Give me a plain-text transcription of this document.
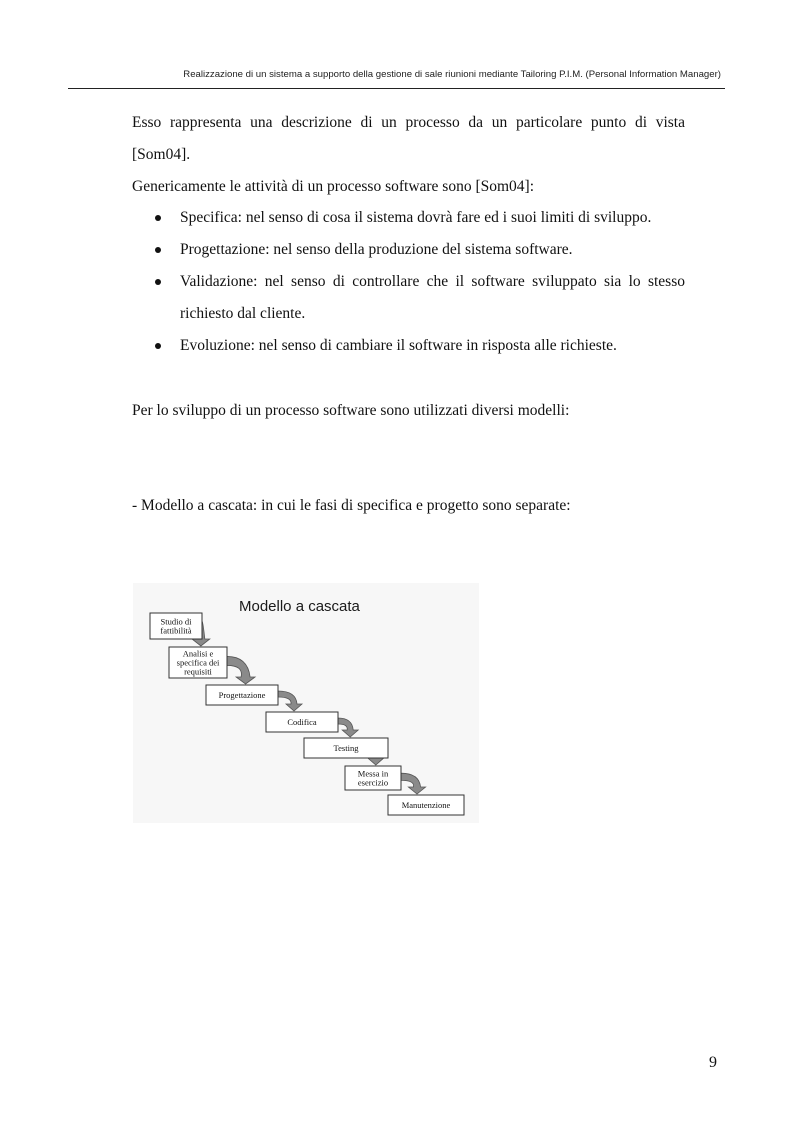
Realizzazione di un sistema a supporto della gestione di sale riunioni mediante Tailoring P.I.M. (Personal Information Manager)

Esso rappresenta una descrizione di un processo da un particolare punto di vista [Som04].

Genericamente le attività di un processo software sono [Som04]:

Specifica: nel senso di cosa il sistema dovrà fare ed i suoi limiti di sviluppo.
Progettazione: nel senso della produzione del sistema software.
Validazione: nel senso di controllare che il software sviluppato sia lo stesso richiesto dal cliente.
Evoluzione: nel senso di cambiare il software in risposta alle richieste.

Per lo sviluppo di un processo software sono utilizzati diversi modelli:

- Modello a cascata: in cui le fasi di specifica e progetto sono separate:

Modello a cascata
Studio di
fattibilità
Analisi e
specifica dei
requisiti
Progettazione
Codifica
Testing
Messa in
esercizio
Manutenzione
9
